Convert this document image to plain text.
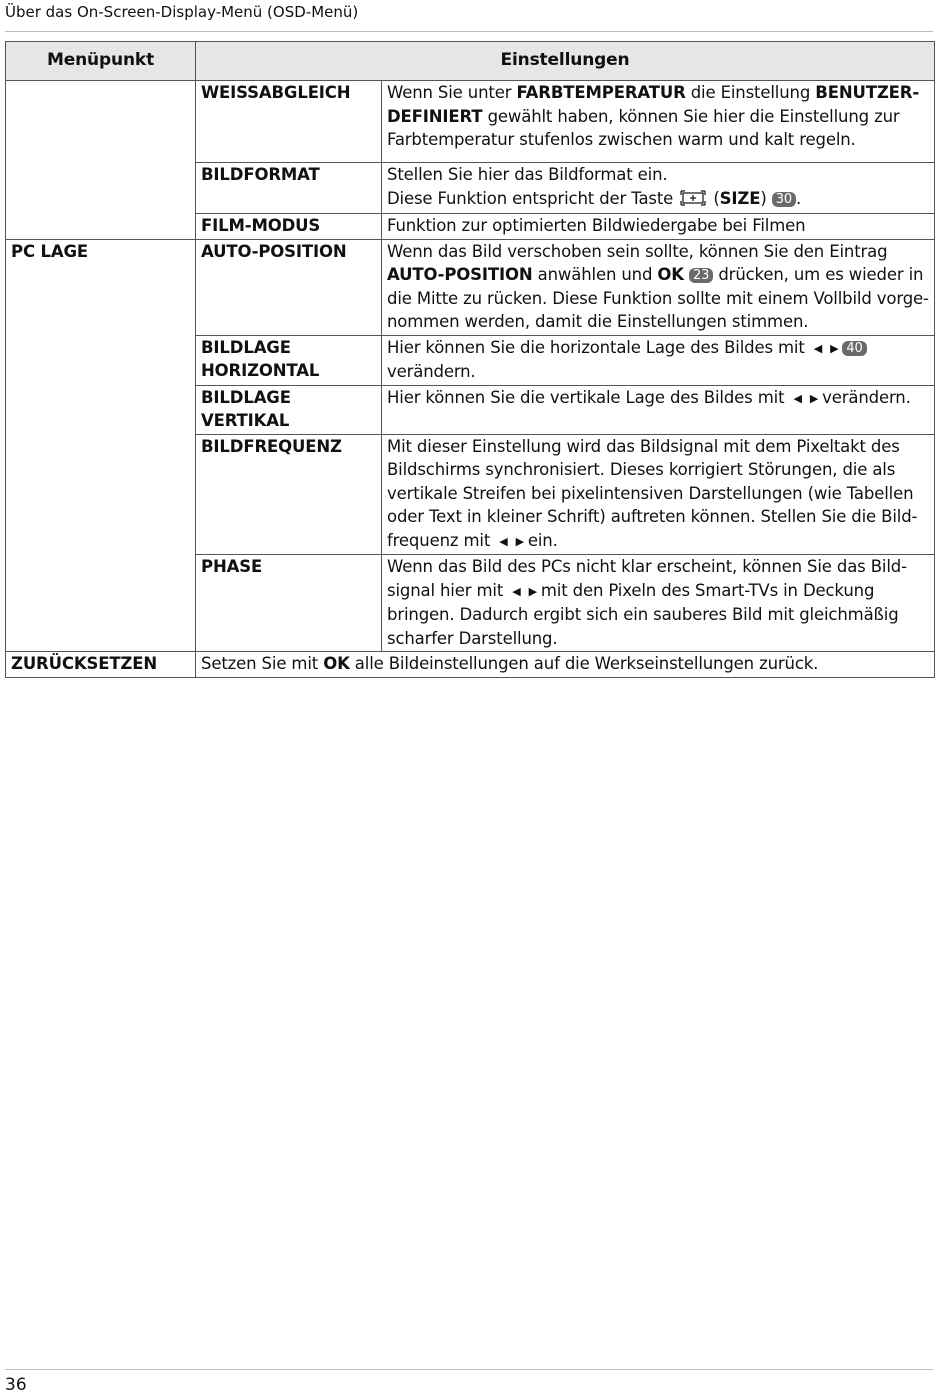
Über das On-Screen-Display-Menü (OSD-Menü)
Menüpunkt	Einstellungen	
	WEISSABGLEICH	Wenn Sie unter FARBTEMPERATUR die Einstellung BENUTZER-
DEFINIERT gewählt haben, können Sie hier die Einstellung zur Farbtemperatur stufenlos zwischen warm und kalt regeln.
	BILDFORMAT	Stellen Sie hier das Bildformat ein.
Diese Funktion entspricht der Taste  (SIZE) 30 .
	FILM-MODUS	Funktion zur optimierten Bildwiedergabe bei Filmen
PC LAGE	AUTO-POSITION	Wenn das Bild verschoben sein sollte, können Sie den Eintrag AUTO-POSITION anwählen und OK 23 drücken, um es wieder in die Mitte zu rücken. Diese Funktion sollte mit einem Vollbild vorge-nommen werden, damit die Einstellungen stimmen.
	BILDLAGE
HORIZONTAL	Hier können Sie die horizontale Lage des Bildes mit ◀ ▶ 40
verändern.
	BILDLAGE
VERTIKAL	Hier können Sie die vertikale Lage des Bildes mit ◀ ▶ verändern.
	BILDFREQUENZ	Mit dieser Einstellung wird das Bildsignal mit dem Pixeltakt des Bildschirms synchronisiert. Dieses korrigiert Störungen, die als vertikale Streifen bei pixelintensiven Darstellungen (wie Tabellen oder Text in kleiner Schrift) auftreten können. Stellen Sie die Bild-frequenz mit ◀ ▶ ein.
	PHASE	Wenn das Bild des PCs nicht klar erscheint, können Sie das Bild-signal hier mit ◀ ▶ mit den Pixeln des Smart-TVs in Deckung bringen. Dadurch ergibt sich ein sauberes Bild mit gleichmäßig scharfer Darstellung.
ZURÜCKSETZEN	Setzen Sie mit OK alle Bildeinstellungen auf die Werkseinstellungen zurück.	
36
